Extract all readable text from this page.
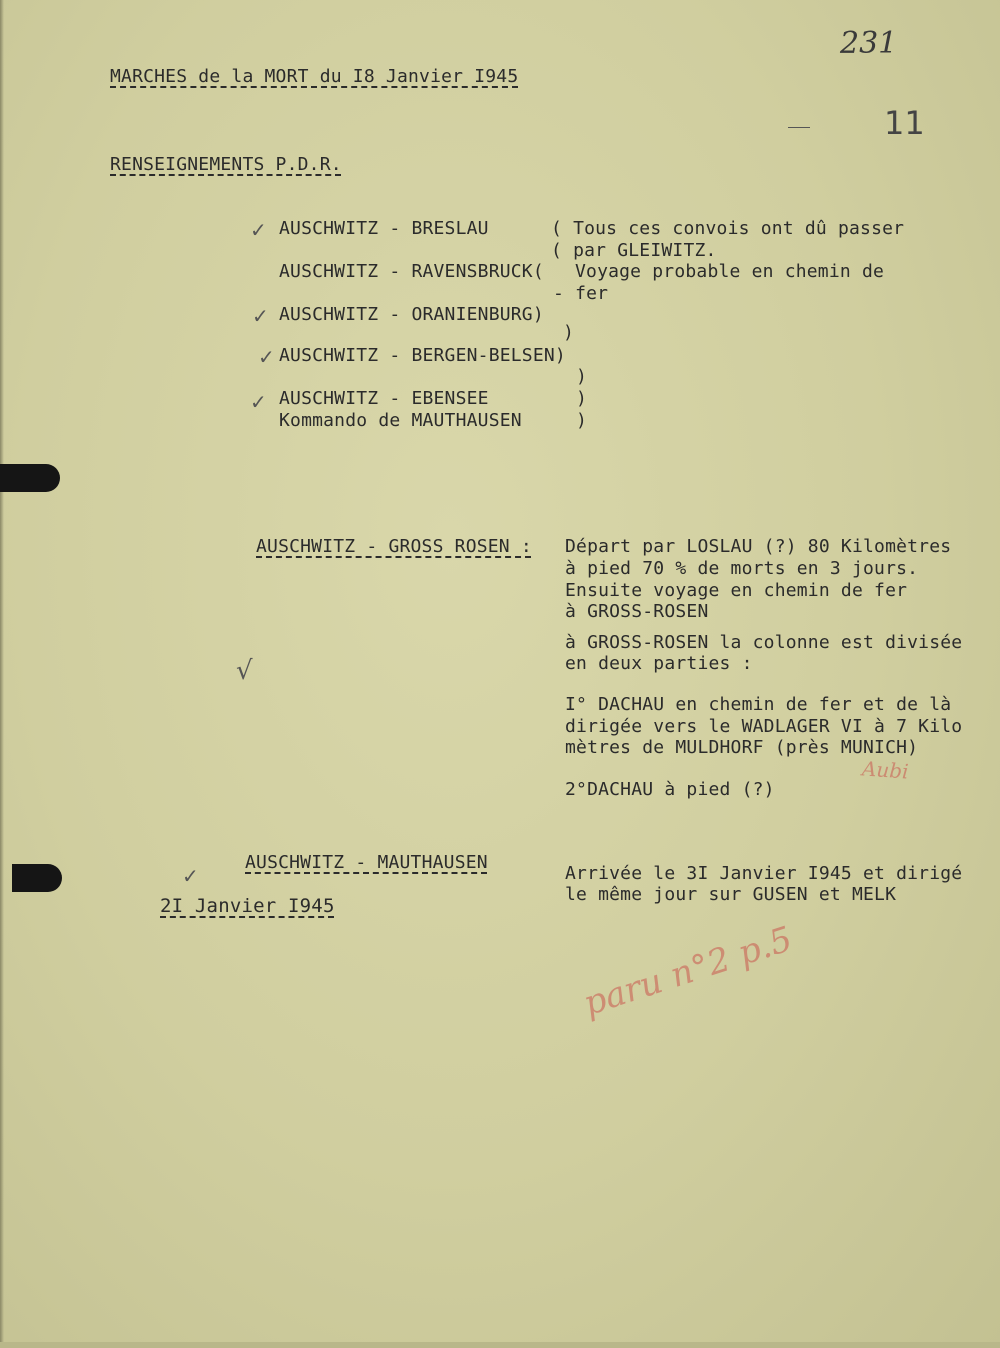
231
11
MARCHES de la MORT du I8 Janvier I945
RENSEIGNEMENTS P.D.R.
✓ AUSCHWITZ - BRESLAU	( Tous ces convois ont dû passer
( par GLEIWITZ.
AUSCHWITZ - RAVENSBRUCK( Voyage probable en chemin de
- fer
✓ AUSCHWITZ - ORANIENBURG)
)
✓ AUSCHWITZ - BERGEN-BELSEN)
)
✓ AUSCHWITZ - EBENSEE	)
Kommando de MAUTHAUSEN	)
AUSCHWITZ - GROSS ROSEN : Départ par LOSLAU (?) 80 Kilomètres
à pied 70 % de morts en 3 jours.
Ensuite voyage en chemin de fer
à GROSS-ROSEN
à GROSS-ROSEN la colonne est divisée
en deux parties :
√
I° DACHAU en chemin de fer et de là
dirigée vers le WADLAGER VI à 7 Kilo
mètres de MULDHORF (près MUNICH)
2°DACHAU à pied (?)
Aubi
✓
AUSCHWITZ - MAUTHAUSEN
2I Janvier I945
Arrivée le 3I Janvier I945 et dirigé
le même jour sur GUSEN et MELK
paru n°2 p.5
